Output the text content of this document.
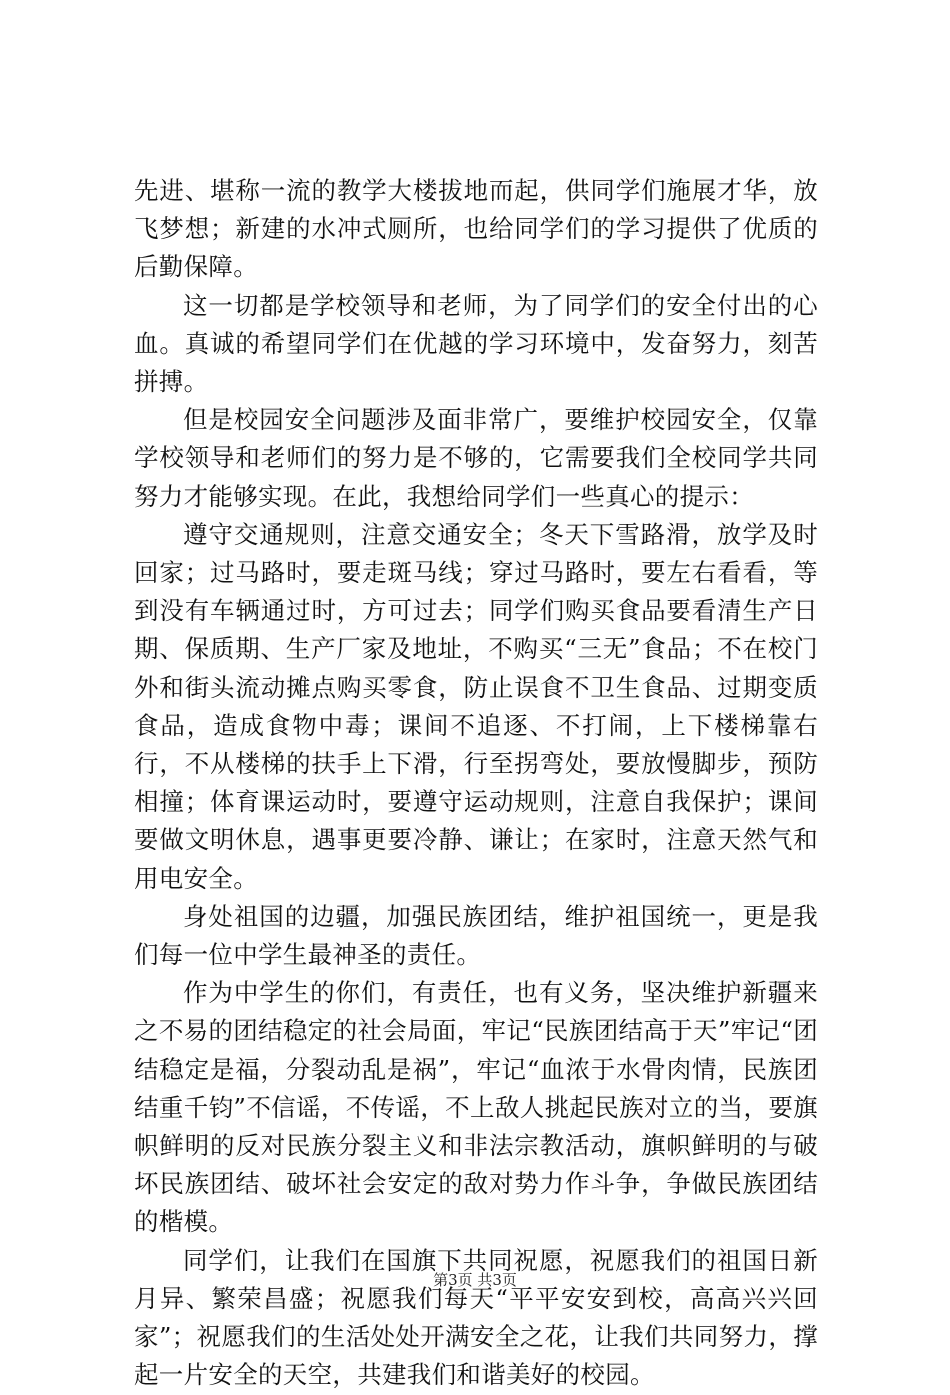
先进、堪称一流的教学大楼拔地而起，供同学们施展才华，放飞梦想；新建的水冲式厕所，也给同学们的学习提供了优质的后勤保障。

这一切都是学校领导和老师，为了同学们的安全付出的心血。真诚的希望同学们在优越的学习环境中，发奋努力，刻苦拼搏。

但是校园安全问题涉及面非常广，要维护校园安全，仅靠学校领导和老师们的努力是不够的，它需要我们全校同学共同努力才能够实现。在此，我想给同学们一些真心的提示：

遵守交通规则，注意交通安全；冬天下雪路滑，放学及时回家；过马路时，要走斑马线；穿过马路时，要左右看看，等到没有车辆通过时，方可过去；同学们购买食品要看清生产日期、保质期、生产厂家及地址，不购买“三无”食品；不在校门外和街头流动摊点购买零食，防止误食不卫生食品、过期变质食品，造成食物中毒；课间不追逐、不打闹，上下楼梯靠右行，不从楼梯的扶手上下滑，行至拐弯处，要放慢脚步，预防相撞；体育课运动时，要遵守运动规则，注意自我保护；课间要做文明休息，遇事更要冷静、谦让；在家时，注意天然气和用电安全。

身处祖国的边疆，加强民族团结，维护祖国统一，更是我们每一位中学生最神圣的责任。

作为中学生的你们，有责任，也有义务，坚决维护新疆来之不易的团结稳定的社会局面，牢记“民族团结高于天”牢记“团结稳定是福，分裂动乱是祸”，牢记“血浓于水骨肉情，民族团结重千钧”不信谣，不传谣，不上敌人挑起民族对立的当，要旗帜鲜明的反对民族分裂主义和非法宗教活动，旗帜鲜明的与破坏民族团结、破坏社会安定的敌对势力作斗争，争做民族团结的楷模。

同学们，让我们在国旗下共同祝愿，祝愿我们的祖国日新月异、繁荣昌盛；祝愿我们每天“平平安安到校，高高兴兴回家”；祝愿我们的生活处处开满安全之花，让我们共同努力，撑起一片安全的天空，共建我们和谐美好的校园。

第3页 共3页
